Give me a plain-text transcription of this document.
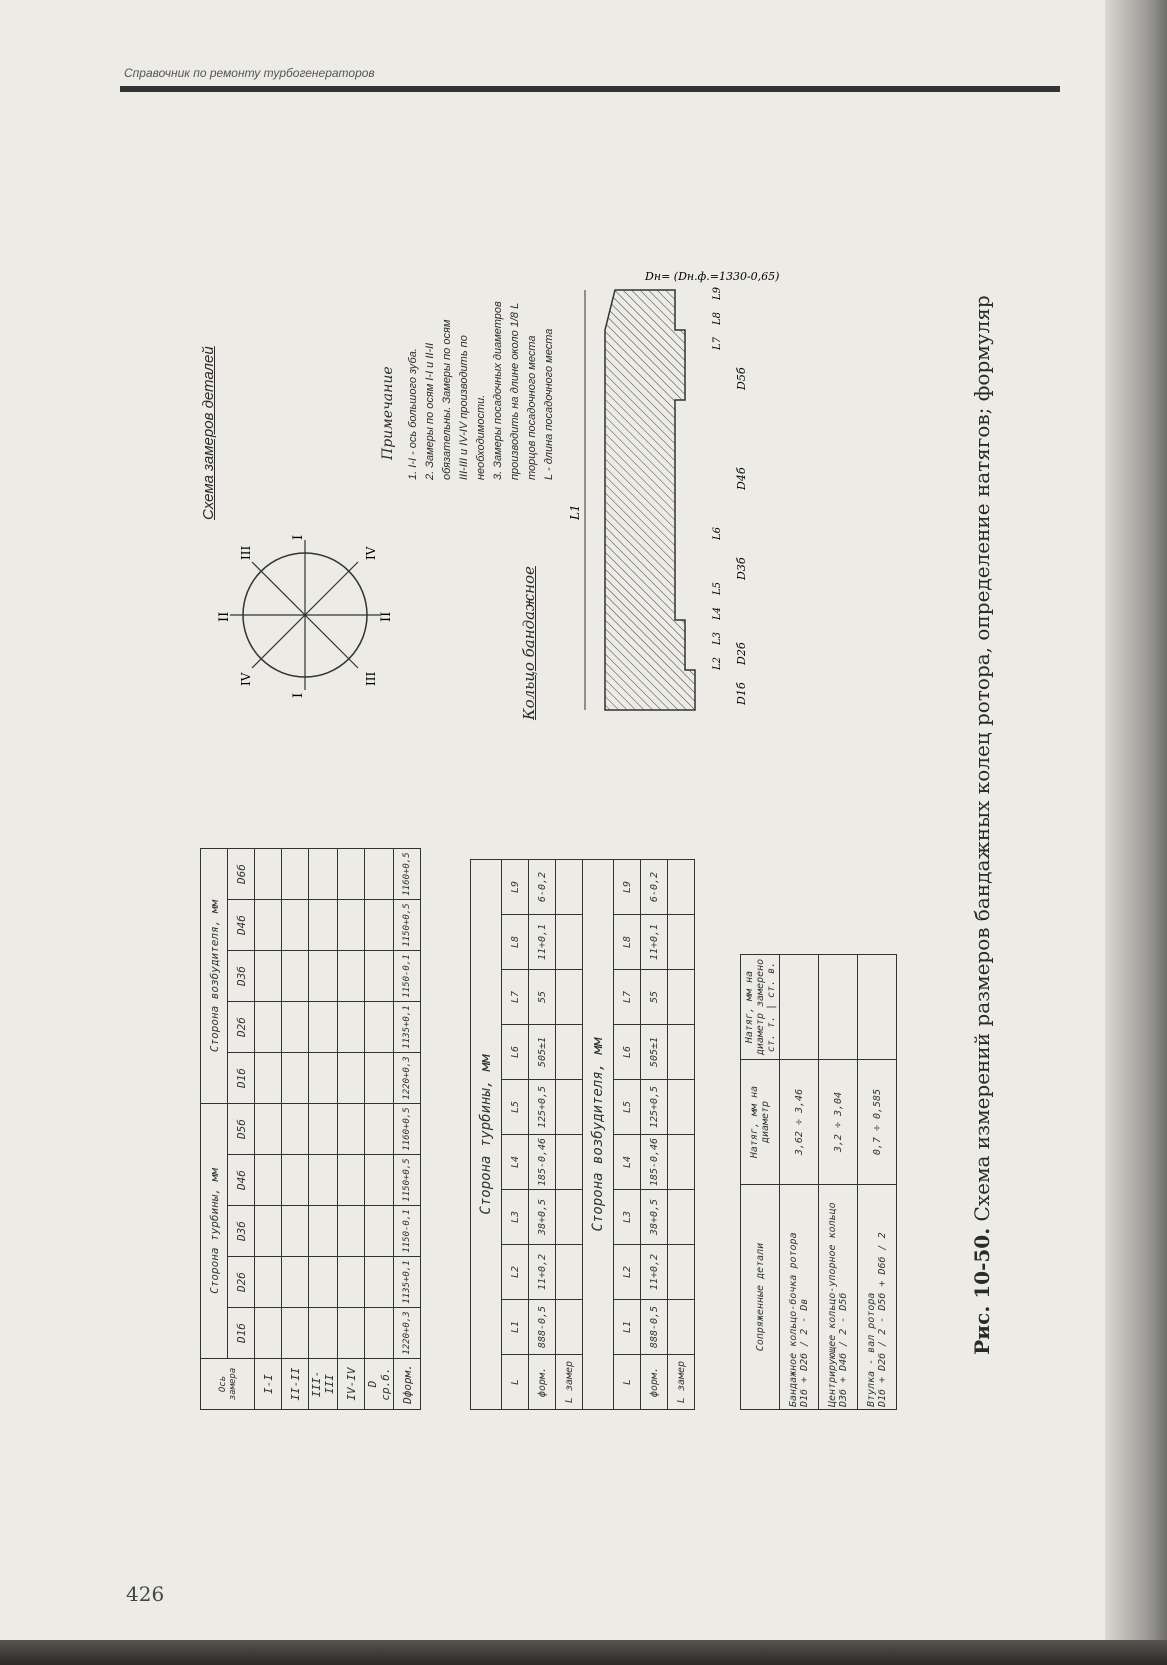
Справочник по ремонту турбогенераторов
426
Ось замера	Сторона турбины, мм					Сторона возбудителя, мм				
	D1б	D2б	D3б	D4б	D5б	D1б	D2б	D3б	D4б	D6б
I-I										
II-II										
III-III										
IV-IV										
D ср.б.										
Dформ.	1220+0,3	1135+0,1	1150-0,1	1150+0,5	1160+0,5	1220+0,3	1135+0,1	1150-0,1	1150+0,5	1160+0,5
Сторона турбины, мм									
L	L1	L2	L3	L4	L5	L6	L7	L8	L9
форм.	888-0,5	11+0,2	38+0,5	185-0,46	125+0,5	505±1	55	11+0,1	6-0,2
L замер									
Сторона возбудителя, мм									
L	L1	L2	L3	L4	L5	L6	L7	L8	L9
форм.	888-0,5	11+0,2	38+0,5	185-0,46	125+0,5	505±1	55	11+0,1	6-0,2
L замер									
Сопряженные детали	Натяг, мм на диаметр	Натяг, мм на диаметр замерено ст. т. | ст. в.

Бандажное кольцо-бочка ротора D1б + D2б / 2 - Dв	3,62 ÷ 3,46	

Центрирующее кольцо-упорное кольцо D3б + D4б / 2 - D5б	3,2 ÷ 3,04	

Втулка - вал ротора D1б + D2б / 2 - D5б + D6б / 2	0,7 ÷ 0,585	
Схема замеров деталей
I
I
II	II
III
III
IV
IV
Примечание 1. I-I - ось большого зуба. 2. Замеры по осям I-I и II-II обязательны. Замеры по осям III-III и IV-IV производить по необходимости. 3. Замеры посадочных диаметров производить на длине около 1/8 L торцов посадочного места L - длина посадочного места
Кольцо бандажное
L1
Dн= (Dн.ф.=1330-0,65)
D1б
D2б
D3б
D4б
D5б
L2
L3
L4
L5
L6
L7
L8
L9
Рис. 10-50. Схема измерений размеров бандажных колец ротора, определение натягов; формуляр
